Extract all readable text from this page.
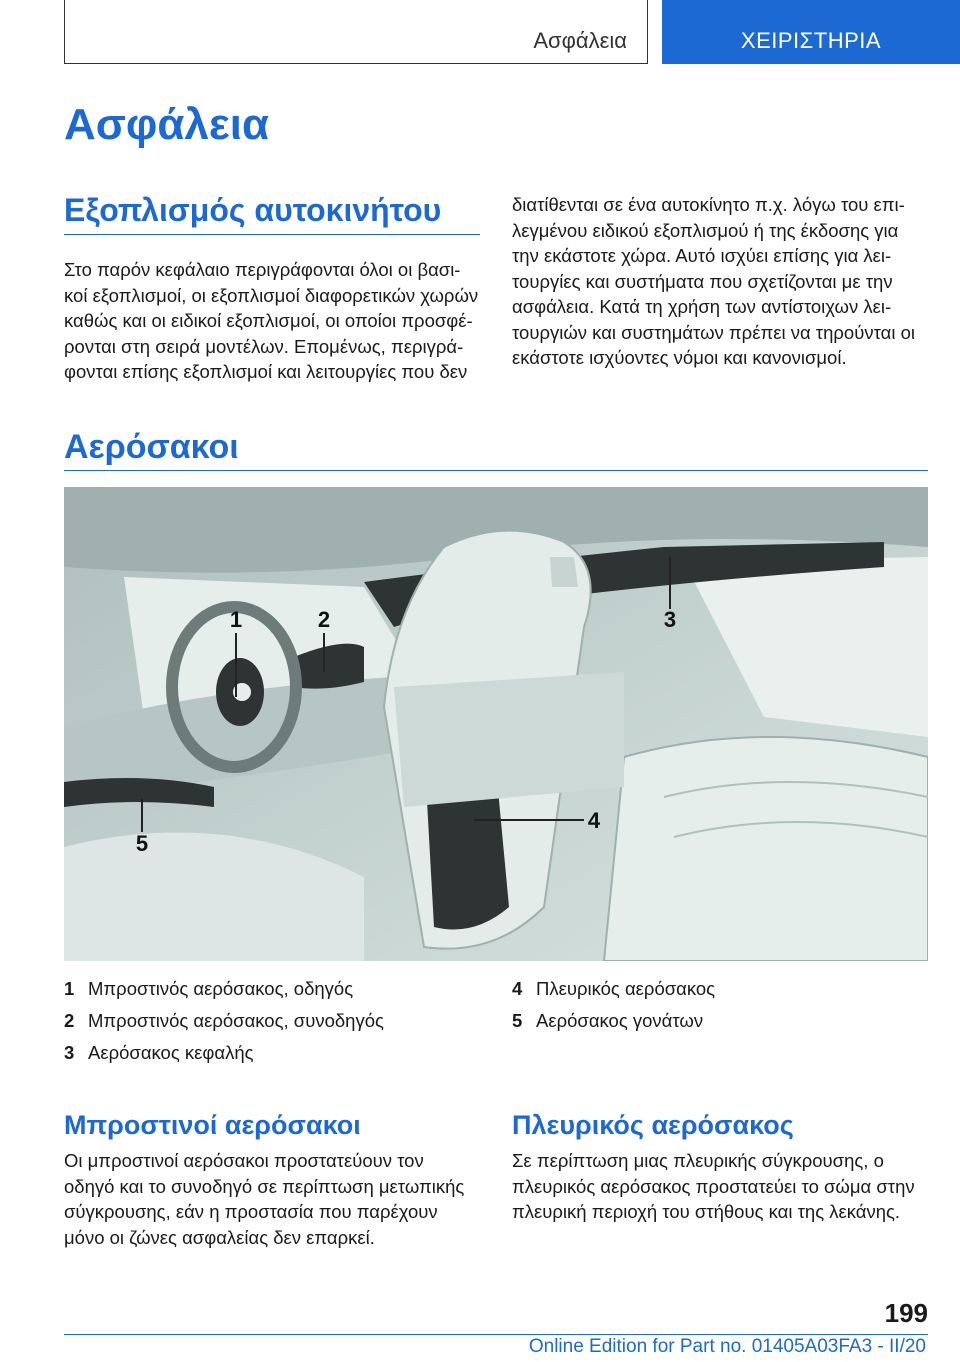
Ασφάλεια	ΧΕΙΡΙΣΤΗΡΙΑ
Ασφάλεια
Εξοπλισμός αυτοκινήτου
Στο παρόν κεφάλαιο περιγράφονται όλοι οι βασι-
κοί εξοπλισμοί, οι εξοπλισμοί διαφορετικών χωρών
καθώς και οι ειδικοί εξοπλισμοί, οι οποίοι προσφέ-
ρονται στη σειρά μοντέλων. Επομένως, περιγρά-
φονται επίσης εξοπλισμοί και λειτουργίες που δεν
διατίθενται σε ένα αυτοκίνητο π.χ. λόγω του επι-
λεγμένου ειδικού εξοπλισμού ή της έκδοσης για
την εκάστοτε χώρα. Αυτό ισχύει επίσης για λει-
τουργίες και συστήματα που σχετίζονται με την
ασφάλεια. Κατά τη χρήση των αντίστοιχων λει-
τουργιών και συστημάτων πρέπει να τηρούνται οι
εκάστοτε ισχύοντες νόμοι και κανονισμοί.
Αερόσακοι
1	2	3
4
5
1 Μπροστινός αερόσακος, οδηγός
2 Μπροστινός αερόσακος, συνοδηγός
3 Αερόσακος κεφαλής
4 Πλευρικός αερόσακος
5 Αερόσακος γονάτων
Μπροστινοί αερόσακοι
Οι μπροστινοί αερόσακοι προστατεύουν τον
οδηγό και το συνοδηγό σε περίπτωση μετωπικής
σύγκρουσης, εάν η προστασία που παρέχουν
μόνο οι ζώνες ασφαλείας δεν επαρκεί.
Πλευρικός αερόσακος
Σε περίπτωση μιας πλευρικής σύγκρουσης, ο
πλευρικός αερόσακος προστατεύει το σώμα στην
πλευρική περιοχή του στήθους και της λεκάνης.
199
Online Edition for Part no. 01405A03FA3 - II/20
